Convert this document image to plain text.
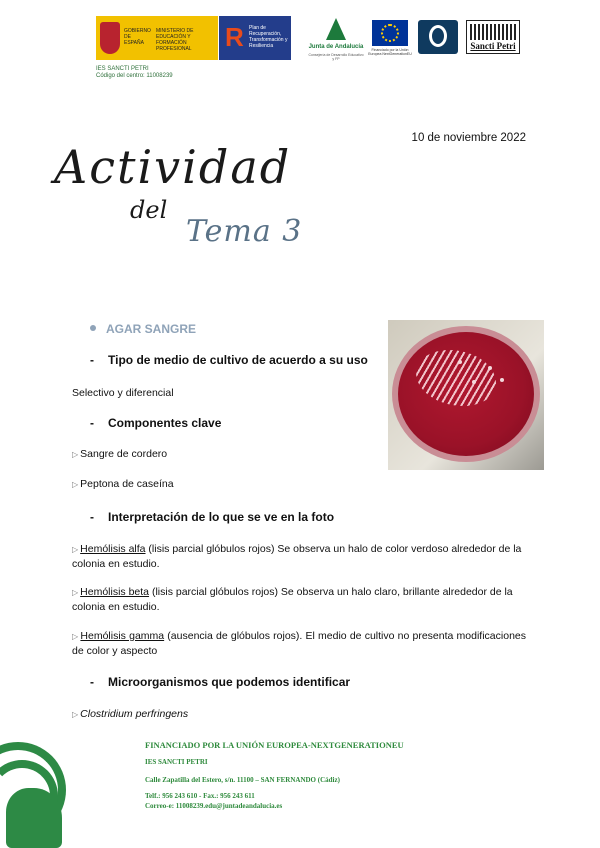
GOBIERNO DE ESPAÑA
MINISTERIO DE EDUCACIÓN Y FORMACIÓN PROFESIONAL	R Plan de Recuperación, Transformación y Resiliencia
IES SANCTI PETRI
Código del centro: 11008239
Junta de Andalucía
Consejería de Desarrollo Educativo y FP
Financiado por la Unión Europea NextGenerationEU
Sancti Petri
10 de noviembre 2022
Actividad
del
Tema 3
AGAR SANGRE
- Tipo de medio de cultivo de acuerdo a su uso
Selectivo y diferencial
- Componentes clave
▷ Sangre de cordero
▷ Peptona de caseína
- Interpretación de lo que se ve en la foto
▷ Hemólisis alfa (lisis parcial glóbulos rojos) Se observa un halo de color verdoso alrededor de la colonia en estudio.
▷ Hemólisis beta (lisis parcial glóbulos rojos) Se observa un halo claro, brillante alrededor de la colonia en estudio.
▷ Hemólisis gamma (ausencia de glóbulos rojos). El medio de cultivo no presenta modificaciones de color y aspecto
- Microorganismos que podemos identificar
▷ Clostridium perfringens
FINANCIADO POR LA UNIÓN EUROPEA-NEXTGENERATIONEU
IES SANCTI PETRI
Calle Zapatilla del Estero, s/n. 11100 – SAN FERNANDO (Cádiz)
Telf.: 956 243 610 - Fax.: 956 243 611
Correo-e: 11008239.edu@juntadeandalucia.es
